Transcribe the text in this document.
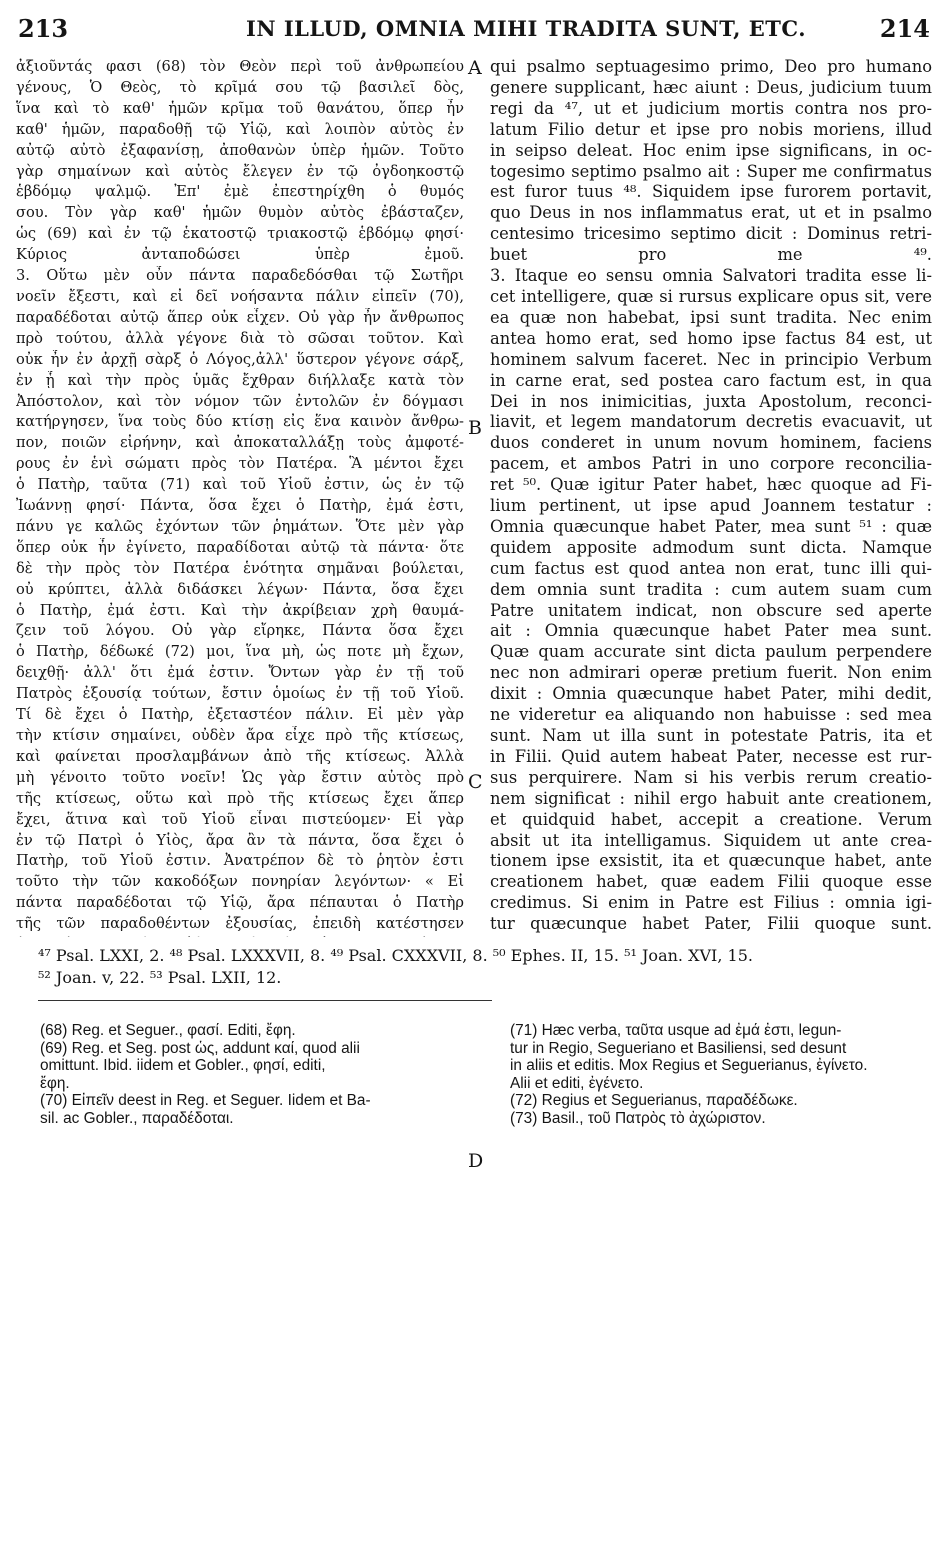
213	IN ILLUD, OMNIA MIHI TRADITA SUNT, ETC.	214
ἀξιοῦντάς φασι (68) τὸν Θεὸν περὶ τοῦ ἀνθρωπείου
γένους, Ὁ Θεὸς, τὸ κρῖμά σου τῷ βασιλεῖ δὸς,
ἵνα καὶ τὸ καθ' ἡμῶν κρῖμα τοῦ θανάτου, ὅπερ ἦν
καθ' ἡμῶν, παραδοθῇ τῷ Υἱῷ, καὶ λοιπὸν αὐτὸς ἐν
αὐτῷ αὐτὸ ἐξαφανίσῃ, ἀποθανὼν ὑπὲρ ἡμῶν. Τοῦτο
γὰρ σημαίνων καὶ αὐτὸς ἔλεγεν ἐν τῷ ὀγδοηκοστῷ
ἑβδόμῳ ψαλμῷ. Ἐπ' ἐμὲ ἐπεστηρίχθη ὁ θυμός
σου. Τὸν γὰρ καθ' ἡμῶν θυμὸν αὐτὸς ἐβάσταζεν,
ὡς (69) καὶ ἐν τῷ ἑκατοστῷ τριακοστῷ ἑβδόμῳ φησί·
Κύριος ἀνταποδώσει ὑπὲρ ἐμοῦ.
3. Οὕτω μὲν οὖν πάντα παραδεδόσθαι τῷ Σωτῆρι
νοεῖν ἔξεστι, καὶ εἰ δεῖ νοήσαντα πάλιν εἰπεῖν (70),
παραδέδοται αὐτῷ ἅπερ οὐκ εἶχεν. Οὐ γὰρ ἦν ἄνθρωπος
πρὸ τούτου, ἀλλὰ γέγονε διὰ τὸ σῶσαι τοῦτον. Καὶ
οὐκ ἦν ἐν ἀρχῇ σὰρξ ὁ Λόγος,ἀλλ' ὕστερον γέγονε σάρξ,
ἐν ᾗ καὶ τὴν πρὸς ὑμᾶς ἔχθραν διήλλαξε κατὰ τὸν
Ἀπόστολον, καὶ τὸν νόμον τῶν ἐντολῶν ἐν δόγμασι
κατήργησεν, ἵνα τοὺς δύο κτίσῃ εἰς ἕνα καινὸν ἄνθρω-
πον, ποιῶν εἰρήνην, καὶ ἀποκαταλλάξῃ τοὺς ἀμφοτέ-
ρους ἐν ἑνὶ σώματι πρὸς τὸν Πατέρα. Ἃ μέντοι ἔχει
ὁ Πατὴρ, ταῦτα (71) καὶ τοῦ Υἱοῦ ἐστιν, ὡς ἐν τῷ
Ἰωάννῃ φησί· Πάντα, ὅσα ἔχει ὁ Πατὴρ, ἐμά ἐστι,
πάνυ γε καλῶς ἐχόντων τῶν ῥημάτων. Ὅτε μὲν γὰρ
ὅπερ οὐκ ἦν ἐγίνετο, παραδίδοται αὐτῷ τὰ πάντα· ὅτε
δὲ τὴν πρὸς τὸν Πατέρα ἑνότητα σημᾶναι βούλεται,
οὐ κρύπτει, ἀλλὰ διδάσκει λέγων· Πάντα, ὅσα ἔχει
ὁ Πατὴρ, ἐμά ἐστι. Καὶ τὴν ἀκρίβειαν χρὴ θαυμά-
ζειν τοῦ λόγου. Οὐ γὰρ εἴρηκε, Πάντα ὅσα ἔχει
ὁ Πατὴρ, δέδωκέ (72) μοι, ἵνα μὴ, ὡς ποτε μὴ ἔχων,
δειχθῇ· ἀλλ' ὅτι ἐμά ἐστιν. Ὄντων γὰρ ἐν τῇ τοῦ
Πατρὸς ἐξουσίᾳ τούτων, ἔστιν ὁμοίως ἐν τῇ τοῦ Υἱοῦ.
Τί δὲ ἔχει ὁ Πατὴρ, ἐξεταστέον πάλιν. Εἰ μὲν γὰρ
τὴν κτίσιν σημαίνει, οὐδὲν ἄρα εἶχε πρὸ τῆς κτίσεως,
καὶ φαίνεται προσλαμβάνων ἀπὸ τῆς κτίσεως. Ἀλλὰ
μὴ γένοιτο τοῦτο νοεῖν! Ὡς γὰρ ἔστιν αὐτὸς πρὸ
τῆς κτίσεως, οὕτω καὶ πρὸ τῆς κτίσεως ἔχει ἅπερ
ἔχει, ἅτινα καὶ τοῦ Υἱοῦ εἶναι πιστεύομεν· Εἰ γὰρ
ἐν τῷ Πατρὶ ὁ Υἱὸς, ἄρα ἂν τὰ πάντα, ὅσα ἔχει ὁ
Πατὴρ, τοῦ Υἱοῦ ἐστιν. Ἀνατρέπον δὲ τὸ ῥητὸν ἐστι
τοῦτο τὴν τῶν κακοδόξων πονηρίαν λεγόντων· « Εἰ
πάντα παραδέδοται τῷ Υἱῷ, ἄρα πέπαυται ὁ Πατὴρ
τῆς τῶν παραδοθέντων ἐξουσίας, ἐπειδὴ κατέστησεν
A
B
C
D
qui psalmo septuagesimo primo, Deo pro humano
genere supplicant, hæc aiunt : Deus, judicium tuum
regi da ⁴⁷, ut et judicium mortis contra nos pro-
latum Filio detur et ipse pro nobis moriens, illud
in seipso deleat. Hoc enim ipse significans, in oc-
togesimo septimo psalmo ait : Super me confirmatus
est furor tuus ⁴⁸. Siquidem ipse furorem portavit,
quo Deus in nos inflammatus erat, ut et in psalmo
centesimo tricesimo septimo dicit : Dominus retri-
buet pro me ⁴⁹.
3. Itaque eo sensu omnia Salvatori tradita esse li-
cet intelligere, quæ si rursus explicare opus sit, vere
ea quæ non habebat, ipsi sunt tradita. Nec enim
antea homo erat, sed homo ipse factus 84 est, ut
hominem salvum faceret. Nec in principio Verbum
in carne erat, sed postea caro factum est, in qua
Dei in nos inimicitias, juxta Apostolum, reconci-
liavit, et legem mandatorum decretis evacuavit, ut
duos conderet in unum novum hominem, faciens
pacem, et ambos Patri in uno corpore reconcilia-
ret ⁵⁰. Quæ igitur Pater habet, hæc quoque ad Fi-
lium pertinent, ut ipse apud Joannem testatur :
Omnia quæcunque habet Pater, mea sunt ⁵¹ : quæ
quidem apposite admodum sunt dicta. Namque
cum factus est quod antea non erat, tunc illi qui-
dem omnia sunt tradita : cum autem suam cum
Patre unitatem indicat, non obscure sed aperte
ait : Omnia quæcunque habet Pater mea sunt.
Quæ quam accurate sint dicta paulum perpendere
nec non admirari operæ pretium fuerit. Non enim
dixit : Omnia quæcunque habet Pater, mihi dedit,
ne videretur ea aliquando non habuisse : sed mea
sunt. Nam ut illa sunt in potestate Patris, ita et
in Filii. Quid autem habeat Pater, necesse est rur-
sus perquirere. Nam si his verbis rerum creatio-
nem significat : nihil ergo habuit ante creationem,
et quidquid habet, accepit a creatione. Verum
absit ut ita intelligamus. Siquidem ut ante crea-
tionem ipse exsistit, ita et quæcunque habet, ante
creationem habet, quæ eadem Filii quoque esse
credimus. Si enim in Patre est Filius : omnia igi-
tur quæcunque habet Pater, Filii quoque sunt.
⁴⁷ Psal. LXXI, 2. ⁴⁸ Psal. LXXXVII, 8. ⁴⁹ Psal. CXXXVII, 8. ⁵⁰ Ephes. II, 15. ⁵¹ Joan. XVI, 15.
⁵² Joan. v, 22. ⁵³ Psal. LXII, 12.
(68) Reg. et Seguer., φασί. Editi, ἔφη.
(69) Reg. et Seg. post ὡς, addunt καί, quod alii
omittunt. Ibid. iidem et Gobler., φησί, editi,
ἔφη.
(70) Εἰπεῖν deest in Reg. et Seguer. Iidem et Ba-
sil. ac Gobler., παραδέδοται.
(71) Hæc verba, ταῦτα usque ad ἐμά ἐστι, legun-
tur in Regio, Segueriano et Basiliensi, sed desunt
in aliis et editis. Mox Regius et Seguerianus, ἐγίνετο.
Alii et editi, ἐγένετο.
(72) Regius et Seguerianus, παραδέδωκε.
(73) Basil., τοῦ Πατρὸς τὸ ἀχώριστον.
